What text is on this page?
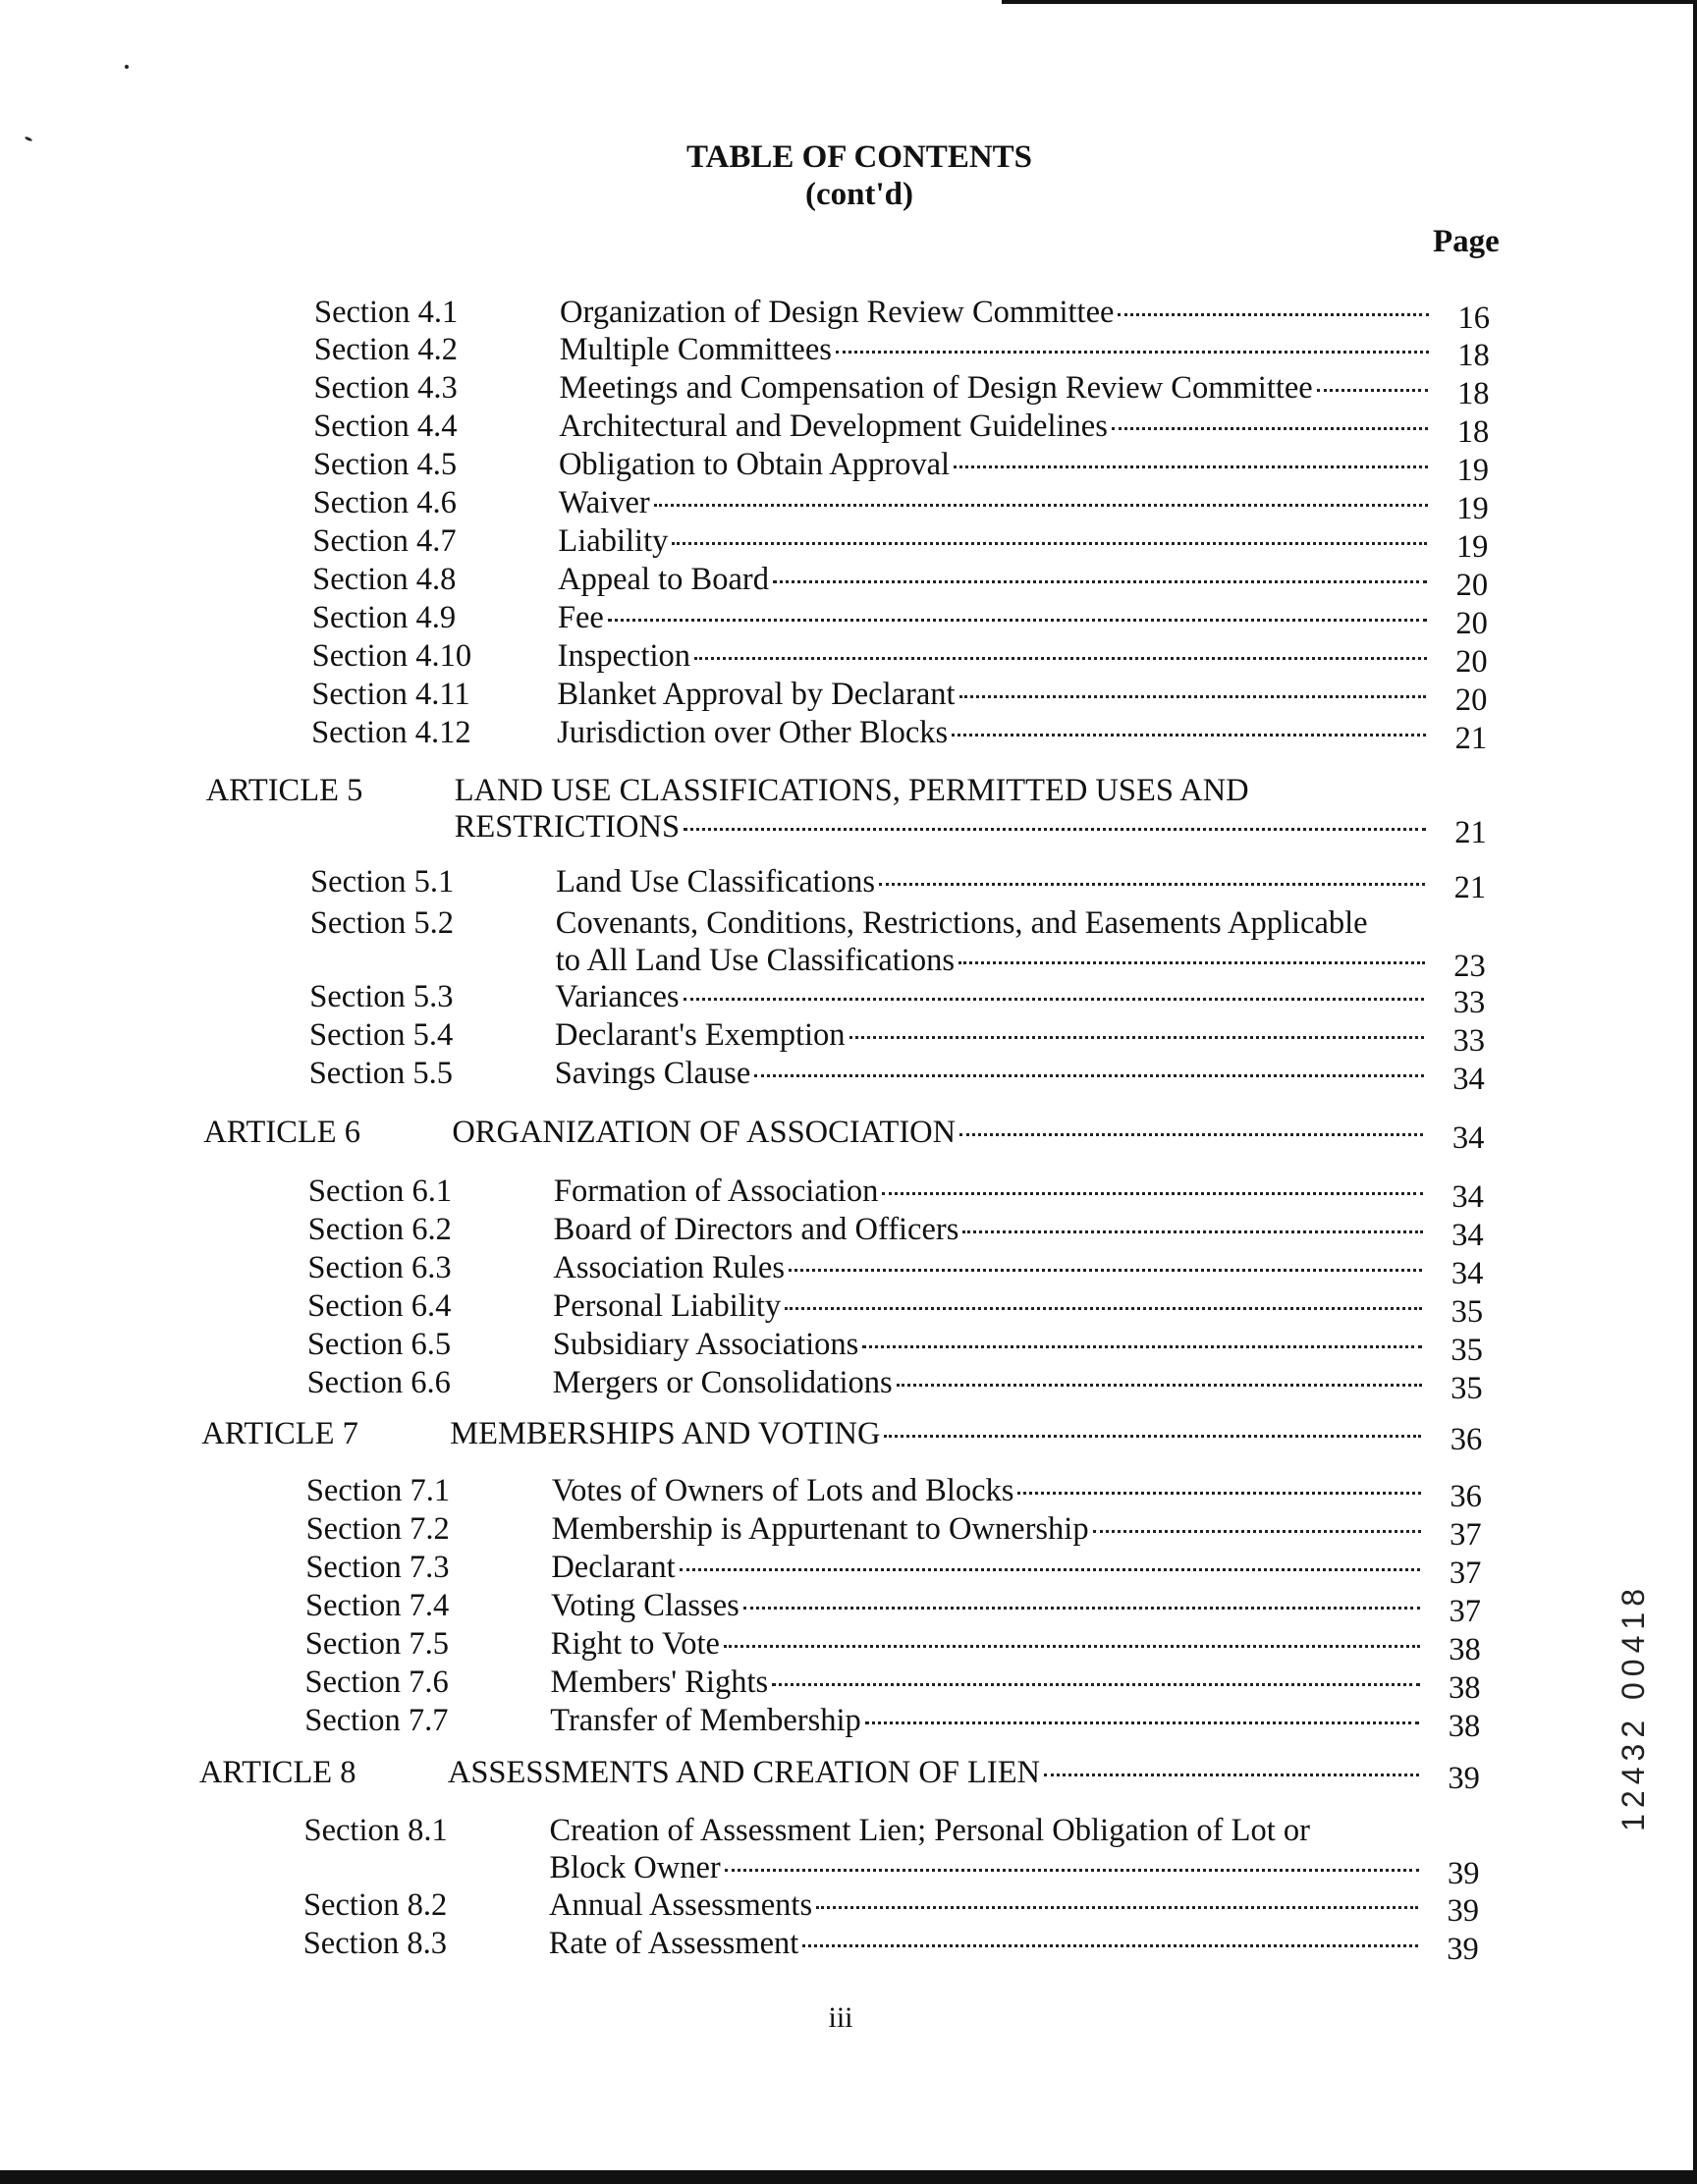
TABLE OF CONTENTS
(cont'd)
Page
Section 4.1	Organization of Design Review Committee	16
Section 4.2	Multiple Committees	18
Section 4.3	Meetings and Compensation of Design Review Committee	18
Section 4.4	Architectural and Development Guidelines	18
Section 4.5	Obligation to Obtain Approval	19
Section 4.6	Waiver	19
Section 4.7	Liability	19
Section 4.8	Appeal to Board	20
Section 4.9	Fee	20
Section 4.10	Inspection	20
Section 4.11	Blanket Approval by Declarant	20
Section 4.12	Jurisdiction over Other Blocks	21
ARTICLE 5	LAND USE CLASSIFICATIONS, PERMITTED USES AND
RESTRICTIONS	21
Section 5.1	Land Use Classifications	21
Section 5.2	Covenants, Conditions, Restrictions, and Easements Applicable
to All Land Use Classifications	23
Section 5.3	Variances	33
Section 5.4	Declarant's Exemption	33
Section 5.5	Savings Clause	34
ARTICLE 6	ORGANIZATION OF ASSOCIATION	34
Section 6.1	Formation of Association	34
Section 6.2	Board of Directors and Officers	34
Section 6.3	Association Rules	34
Section 6.4	Personal Liability	35
Section 6.5	Subsidiary Associations	35
Section 6.6	Mergers or Consolidations	35
ARTICLE 7	MEMBERSHIPS AND VOTING	36
Section 7.1	Votes of Owners of Lots and Blocks	36
Section 7.2	Membership is Appurtenant to Ownership	37
Section 7.3	Declarant	37
Section 7.4	Voting Classes	37
Section 7.5	Right to Vote	38
Section 7.6	Members' Rights	38
Section 7.7	Transfer of Membership	38
ARTICLE 8	ASSESSMENTS AND CREATION OF LIEN	39
Section 8.1	Creation of Assessment Lien; Personal Obligation of Lot or
Block Owner	39
Section 8.2	Annual Assessments	39
Section 8.3	Rate of Assessment	39
iii
12432 00418
